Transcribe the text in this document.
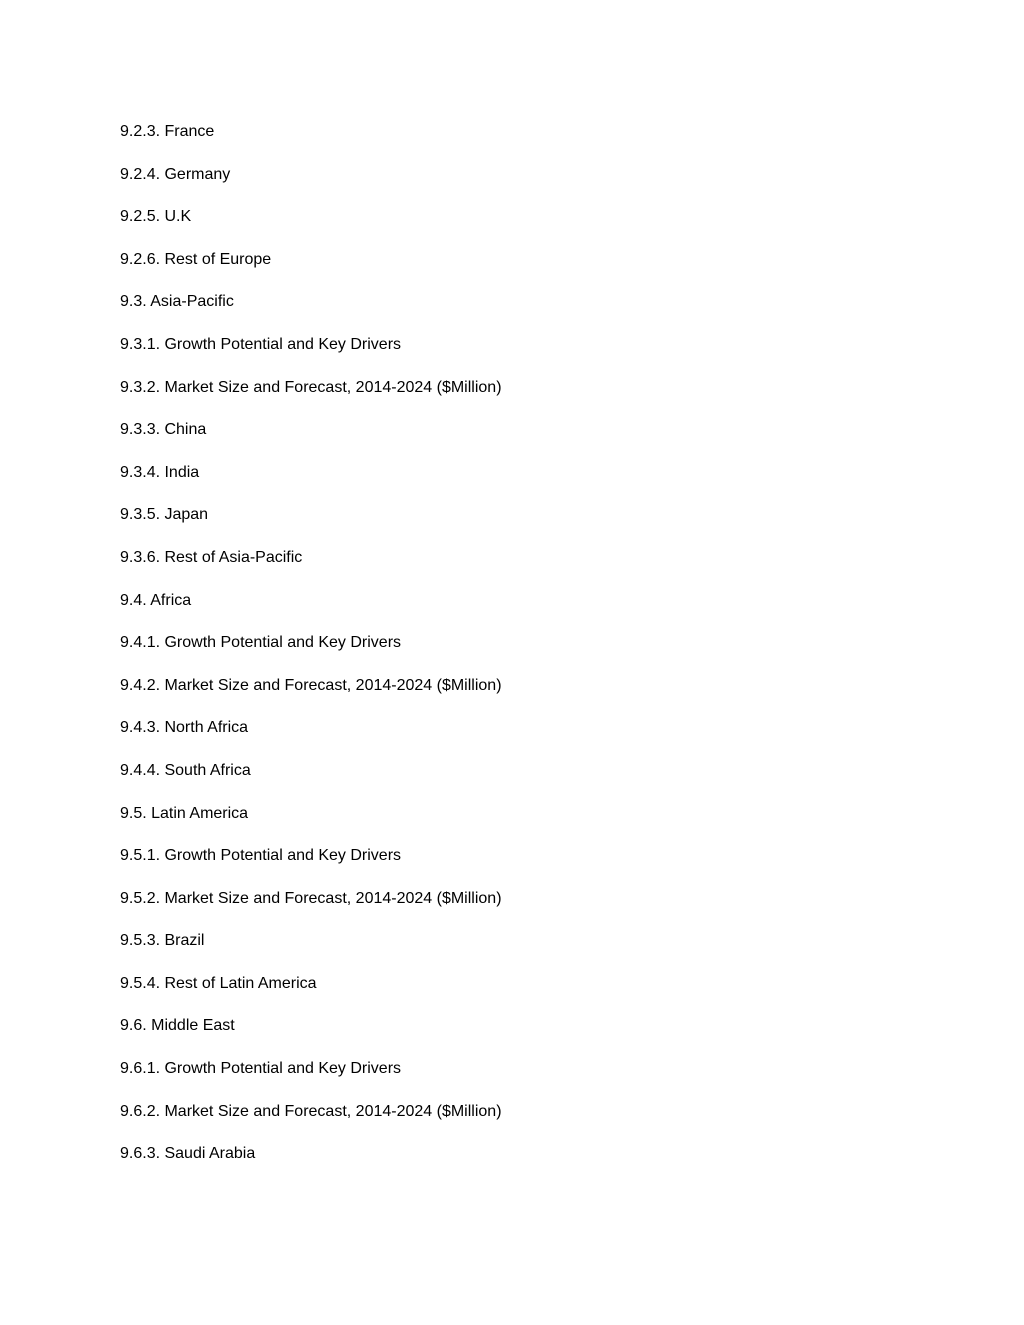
9.2.3. France
9.2.4. Germany
9.2.5. U.K
9.2.6. Rest of Europe
9.3. Asia-Pacific
9.3.1. Growth Potential and Key Drivers
9.3.2. Market Size and Forecast, 2014-2024 ($Million)
9.3.3. China
9.3.4. India
9.3.5. Japan
9.3.6. Rest of Asia-Pacific
9.4. Africa
9.4.1. Growth Potential and Key Drivers
9.4.2. Market Size and Forecast, 2014-2024 ($Million)
9.4.3. North Africa
9.4.4. South Africa
9.5. Latin America
9.5.1. Growth Potential and Key Drivers
9.5.2. Market Size and Forecast, 2014-2024 ($Million)
9.5.3. Brazil
9.5.4. Rest of Latin America
9.6. Middle East
9.6.1. Growth Potential and Key Drivers
9.6.2. Market Size and Forecast, 2014-2024 ($Million)
9.6.3. Saudi Arabia
